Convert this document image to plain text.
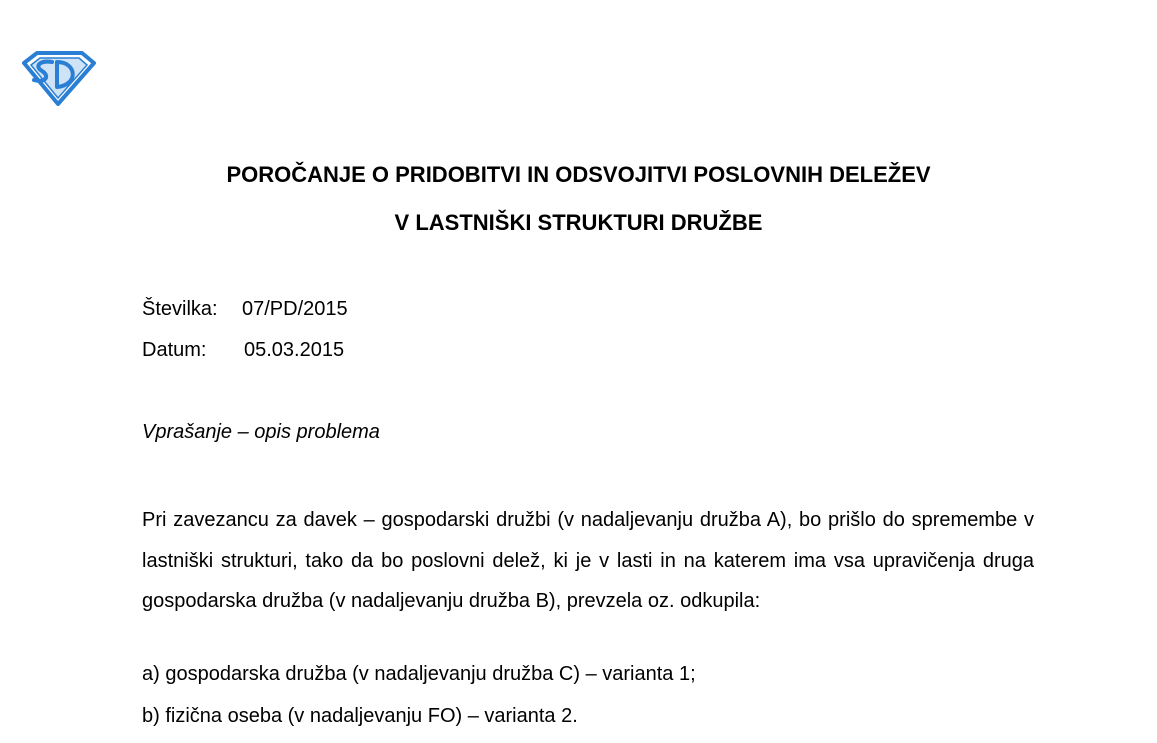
POROČANJE O PRIDOBITVI IN ODSVOJITVI POSLOVNIH DELEŽEV
V LASTNIŠKI STRUKTURI DRUŽBE
Številka: 07/PD/2015
Datum: 05.03.2015
Vprašanje – opis problema

Pri zavezancu za davek – gospodarski družbi (v nadaljevanju družba A), bo prišlo do spremembe v lastniški strukturi, tako da bo poslovni delež, ki je v lasti in na katerem ima vsa upravičenja druga gospodarska družba (v nadaljevanju družba B), prevzela oz. odkupila:

a) gospodarska družba (v nadaljevanju družba C) – varianta 1;
b) fizična oseba (v nadaljevanju FO) – varianta 2.
